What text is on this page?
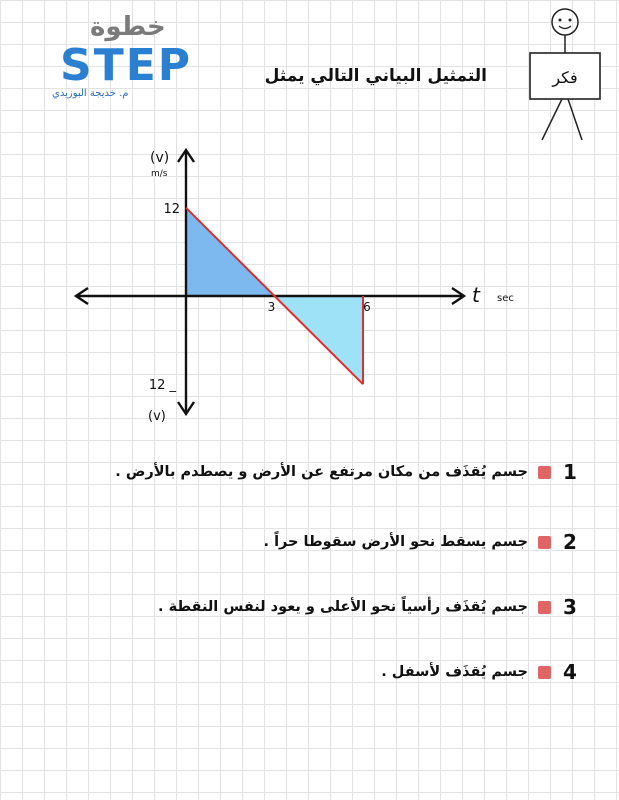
خطوة
STEP
م. خديجة البوزيدي
التمثيل البياني التالي يمثل	فكر
3	6
12
12 _
t sec
(v)
m/s
(v)
1
جسم يُقذَف من مكان مرتفع عن الأرض و يصطدم بالأرض .
2
جسم يسقط نحو الأرض سقوطا حراً .
3
جسم يُقذَف رأسياً نحو الأعلى و يعود لنفس النقطة .
4
جسم يُقذَف لأسفل .
